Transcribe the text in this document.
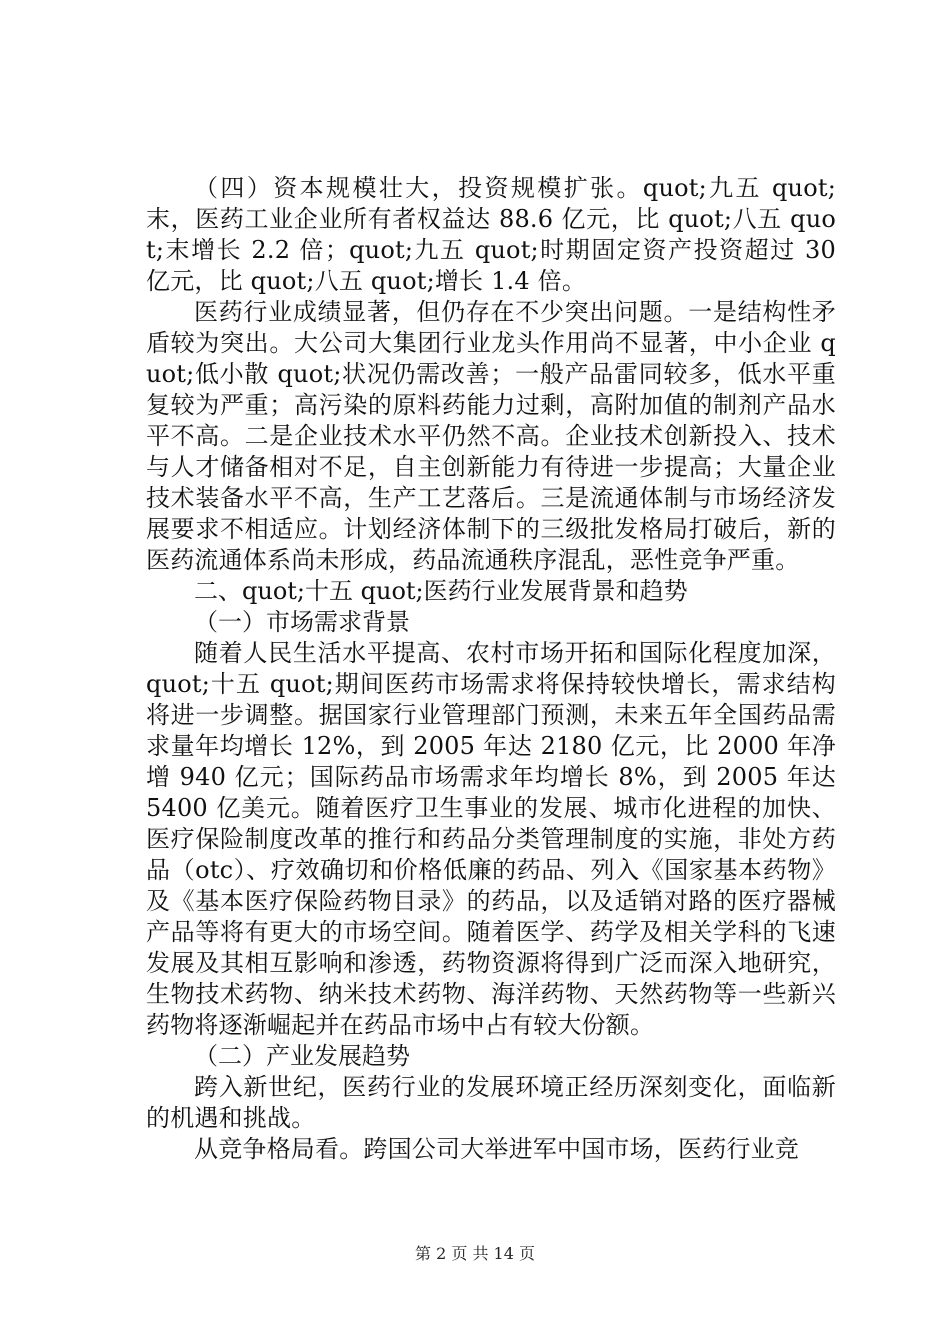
（四）资本规模壮大，投资规模扩张。quot;九五 quot;末，医药工业企业所有者权益达 88.6 亿元，比 quot;八五 quot;末增长 2.2 倍；quot;九五 quot;时期固定资产投资超过 30 亿元，比 quot;八五 quot;增长 1.4 倍。

医药行业成绩显著，但仍存在不少突出问题。一是结构性矛盾较为突出。大公司大集团行业龙头作用尚不显著，中小企业 quot;低小散 quot;状况仍需改善；一般产品雷同较多，低水平重复较为严重；高污染的原料药能力过剩，高附加值的制剂产品水平不高。二是企业技术水平仍然不高。企业技术创新投入、技术与人才储备相对不足，自主创新能力有待进一步提高；大量企业技术装备水平不高，生产工艺落后。三是流通体制与市场经济发展要求不相适应。计划经济体制下的三级批发格局打破后，新的医药流通体系尚未形成，药品流通秩序混乱，恶性竞争严重。

二、quot;十五 quot;医药行业发展背景和趋势

（一）市场需求背景

随着人民生活水平提高、农村市场开拓和国际化程度加深，quot;十五 quot;期间医药市场需求将保持较快增长，需求结构将进一步调整。据国家行业管理部门预测，未来五年全国药品需求量年均增长 12%，到 2005 年达 2180 亿元，比 2000 年净增 940 亿元；国际药品市场需求年均增长 8%，到 2005 年达 5400 亿美元。随着医疗卫生事业的发展、城市化进程的加快、医疗保险制度改革的推行和药品分类管理制度的实施，非处方药品（otc）、疗效确切和价格低廉的药品、列入《国家基本药物》及《基本医疗保险药物目录》的药品，以及适销对路的医疗器械产品等将有更大的市场空间。随着医学、药学及相关学科的飞速发展及其相互影响和渗透，药物资源将得到广泛而深入地研究，生物技术药物、纳米技术药物、海洋药物、天然药物等一些新兴药物将逐渐崛起并在药品市场中占有较大份额。

（二）产业发展趋势

跨入新世纪，医药行业的发展环境正经历深刻变化，面临新的机遇和挑战。

从竞争格局看。跨国公司大举进军中国市场，医药行业竞

第 2 页 共 14 页
